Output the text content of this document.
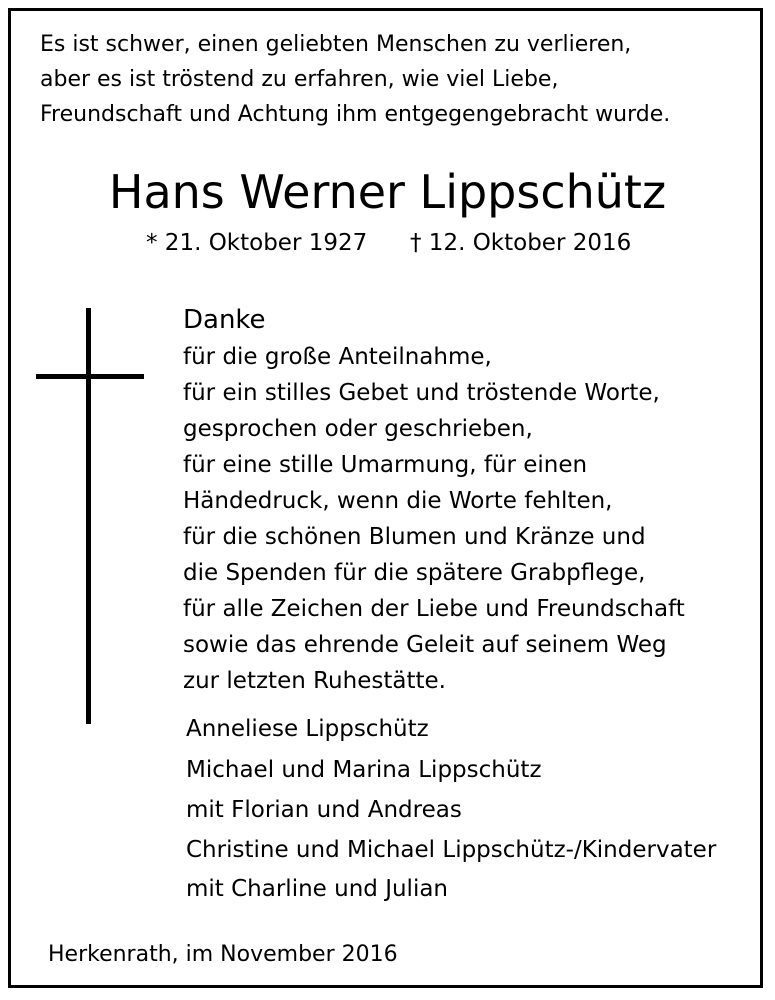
Es ist schwer, einen geliebten Menschen zu verlieren,
aber es ist tröstend zu erfahren, wie viel Liebe,
Freundschaft und Achtung ihm entgegengebracht wurde.
Hans Werner Lippschütz
* 21. Oktober 1927 † 12. Oktober 2016
Danke
für die große Anteilnahme,
für ein stilles Gebet und tröstende Worte,
gesprochen oder geschrieben,
für eine stille Umarmung, für einen
Händedruck, wenn die Worte fehlten,
für die schönen Blumen und Kränze und
die Spenden für die spätere Grabpflege,
für alle Zeichen der Liebe und Freundschaft
sowie das ehrende Geleit auf seinem Weg
zur letzten Ruhestätte.
Anneliese Lippschütz
Michael und Marina Lippschütz
mit Florian und Andreas
Christine und Michael Lippschütz-/Kindervater
mit Charline und Julian
Herkenrath, im November 2016
